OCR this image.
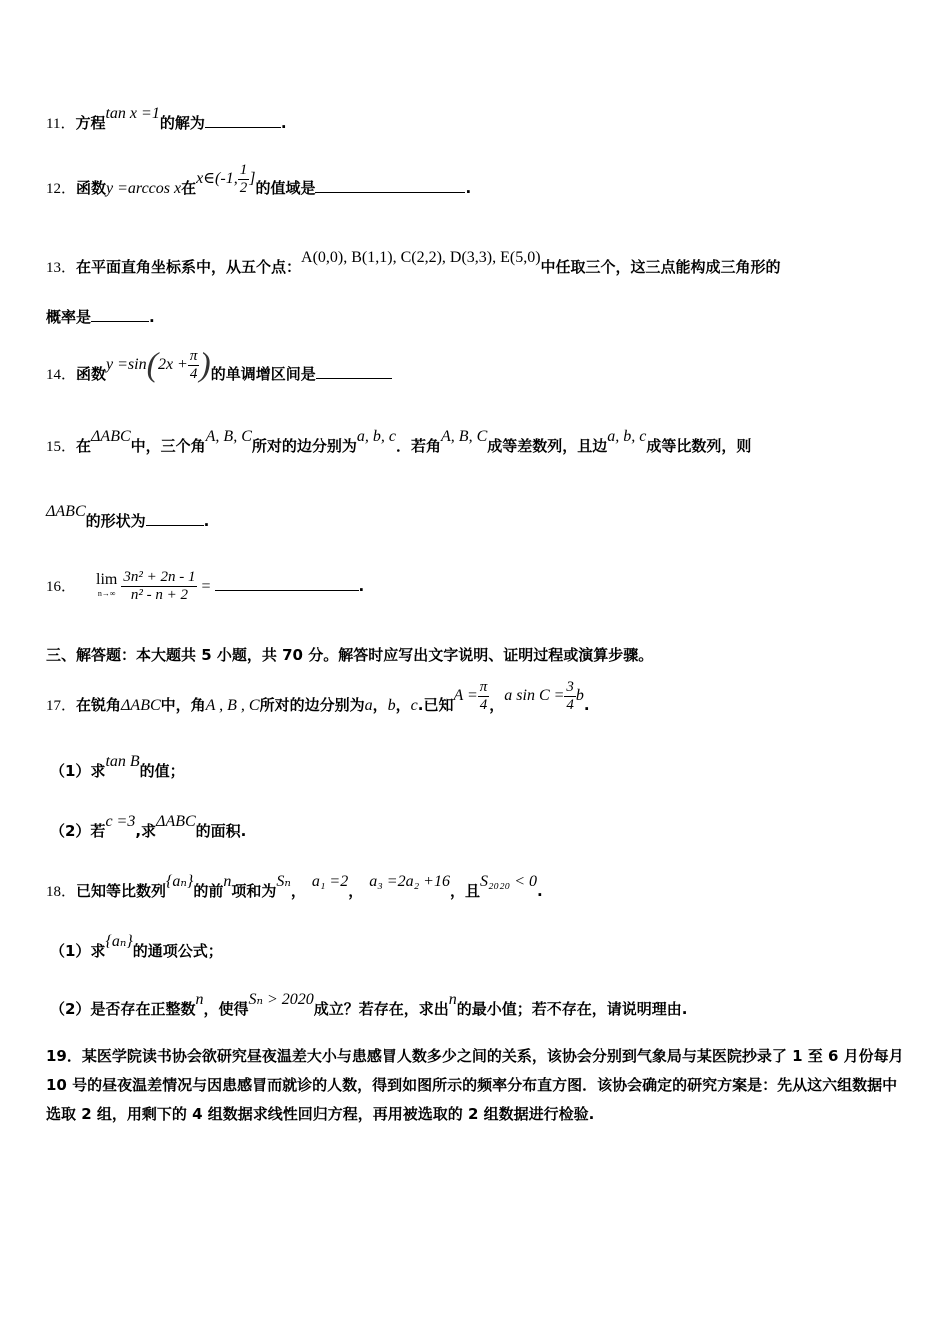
11．方程tan x =1的解为	.
12．函数y =arccos x在x∈(-1, $\frac{1}{2}$ ]的值域是	.
13．在平面直角坐标系中，从五个点：A(0,0), B(1,1), C(2,2), D(3,3), E(5,0)中任取三个，这三点能构成三角形的
概率是	.
14．函数$y =\sin(2x + \frac{\pi}{4}$ )的单调增区间是
15．在ΔABC中，三个角A, B, C所对的边分别为a, b, c．若角A, B, C成等差数列，且边a, b, c成等比数列，则
ΔABC的形状为	.
16． lim
$n\to\infty \frac{\text{3n² + 2n - 1}}{\text{n² - n + 2}}$ =	.
三、解答题：本大题共 5 小题，共 70 分。解答时应写出文字说明、证明过程或演算步骤。
17．在锐角ΔABC中，角A , B , C所对的边分别为a，b，c.已知$A = \frac{\pi}{4}$ ，a $\sin C = \frac{3}{4} b$.
（1）求tan B的值；
（2）若c =3,求ΔABC的面积.
18．已知等比数列{aₙ}的前n项和为Sₙ，a₁ =2，a₃ =2a₂ +16，且S₂₀₂₀ < 0.
（1）求{aₙ}的通项公式；
（2）是否存在正整数n，使得Sₙ > 2020成立？若存在，求出n的最小值；若不存在，请说明理由.
19．某医学院读书协会欲研究昼夜温差大小与患感冒人数多少之间的关系，该协会分别到气象局与某医院抄录了 1 至 6 月份每月 10 号的昼夜温差情况与因患感冒而就诊的人数，得到如图所示的频率分布直方图．该协会确定的研究方案是：先从这六组数据中选取 2 组，用剩下的 4 组数据求线性回归方程，再用被选取的 2 组数据进行检验.
